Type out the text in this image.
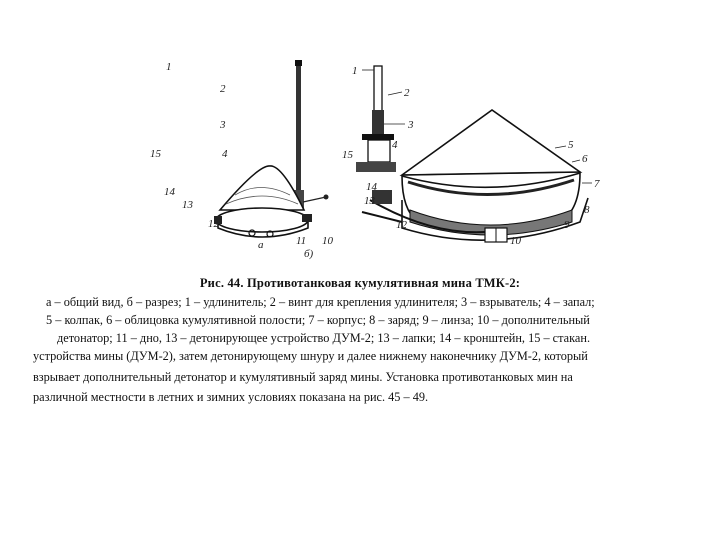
1
2
3
4
15
14
13
12
11 10
a
б)
1
2
3
4	5
6
7
8
9
10
12
13
14
15
Рис. 44. Противотанковая кумулятивная мина ТМК-2:
а – общий вид, б – разрез; 1 – удлинитель; 2 – винт для крепления удлинителя; 3 – взрыватель; 4 – запал;
5 – колпак, 6 – облицовка кумулятивной полости; 7 – корпус; 8 – заряд; 9 – линза; 10 – дополнительный
детонатор; 11 – дно, 13 – детонирующее устройство ДУМ-2; 13 – лапки; 14 – кронштейн, 15 – стакан.
устройства мины (ДУМ-2), затем детонирующему шнуру и далее нижнему наконечнику ДУМ-2, который
взрывает дополнительный детонатор и кумулятивный заряд мины. Установка противотанковых мин на
различной местности в летних и зимних условиях показана на рис. 45 – 49.
